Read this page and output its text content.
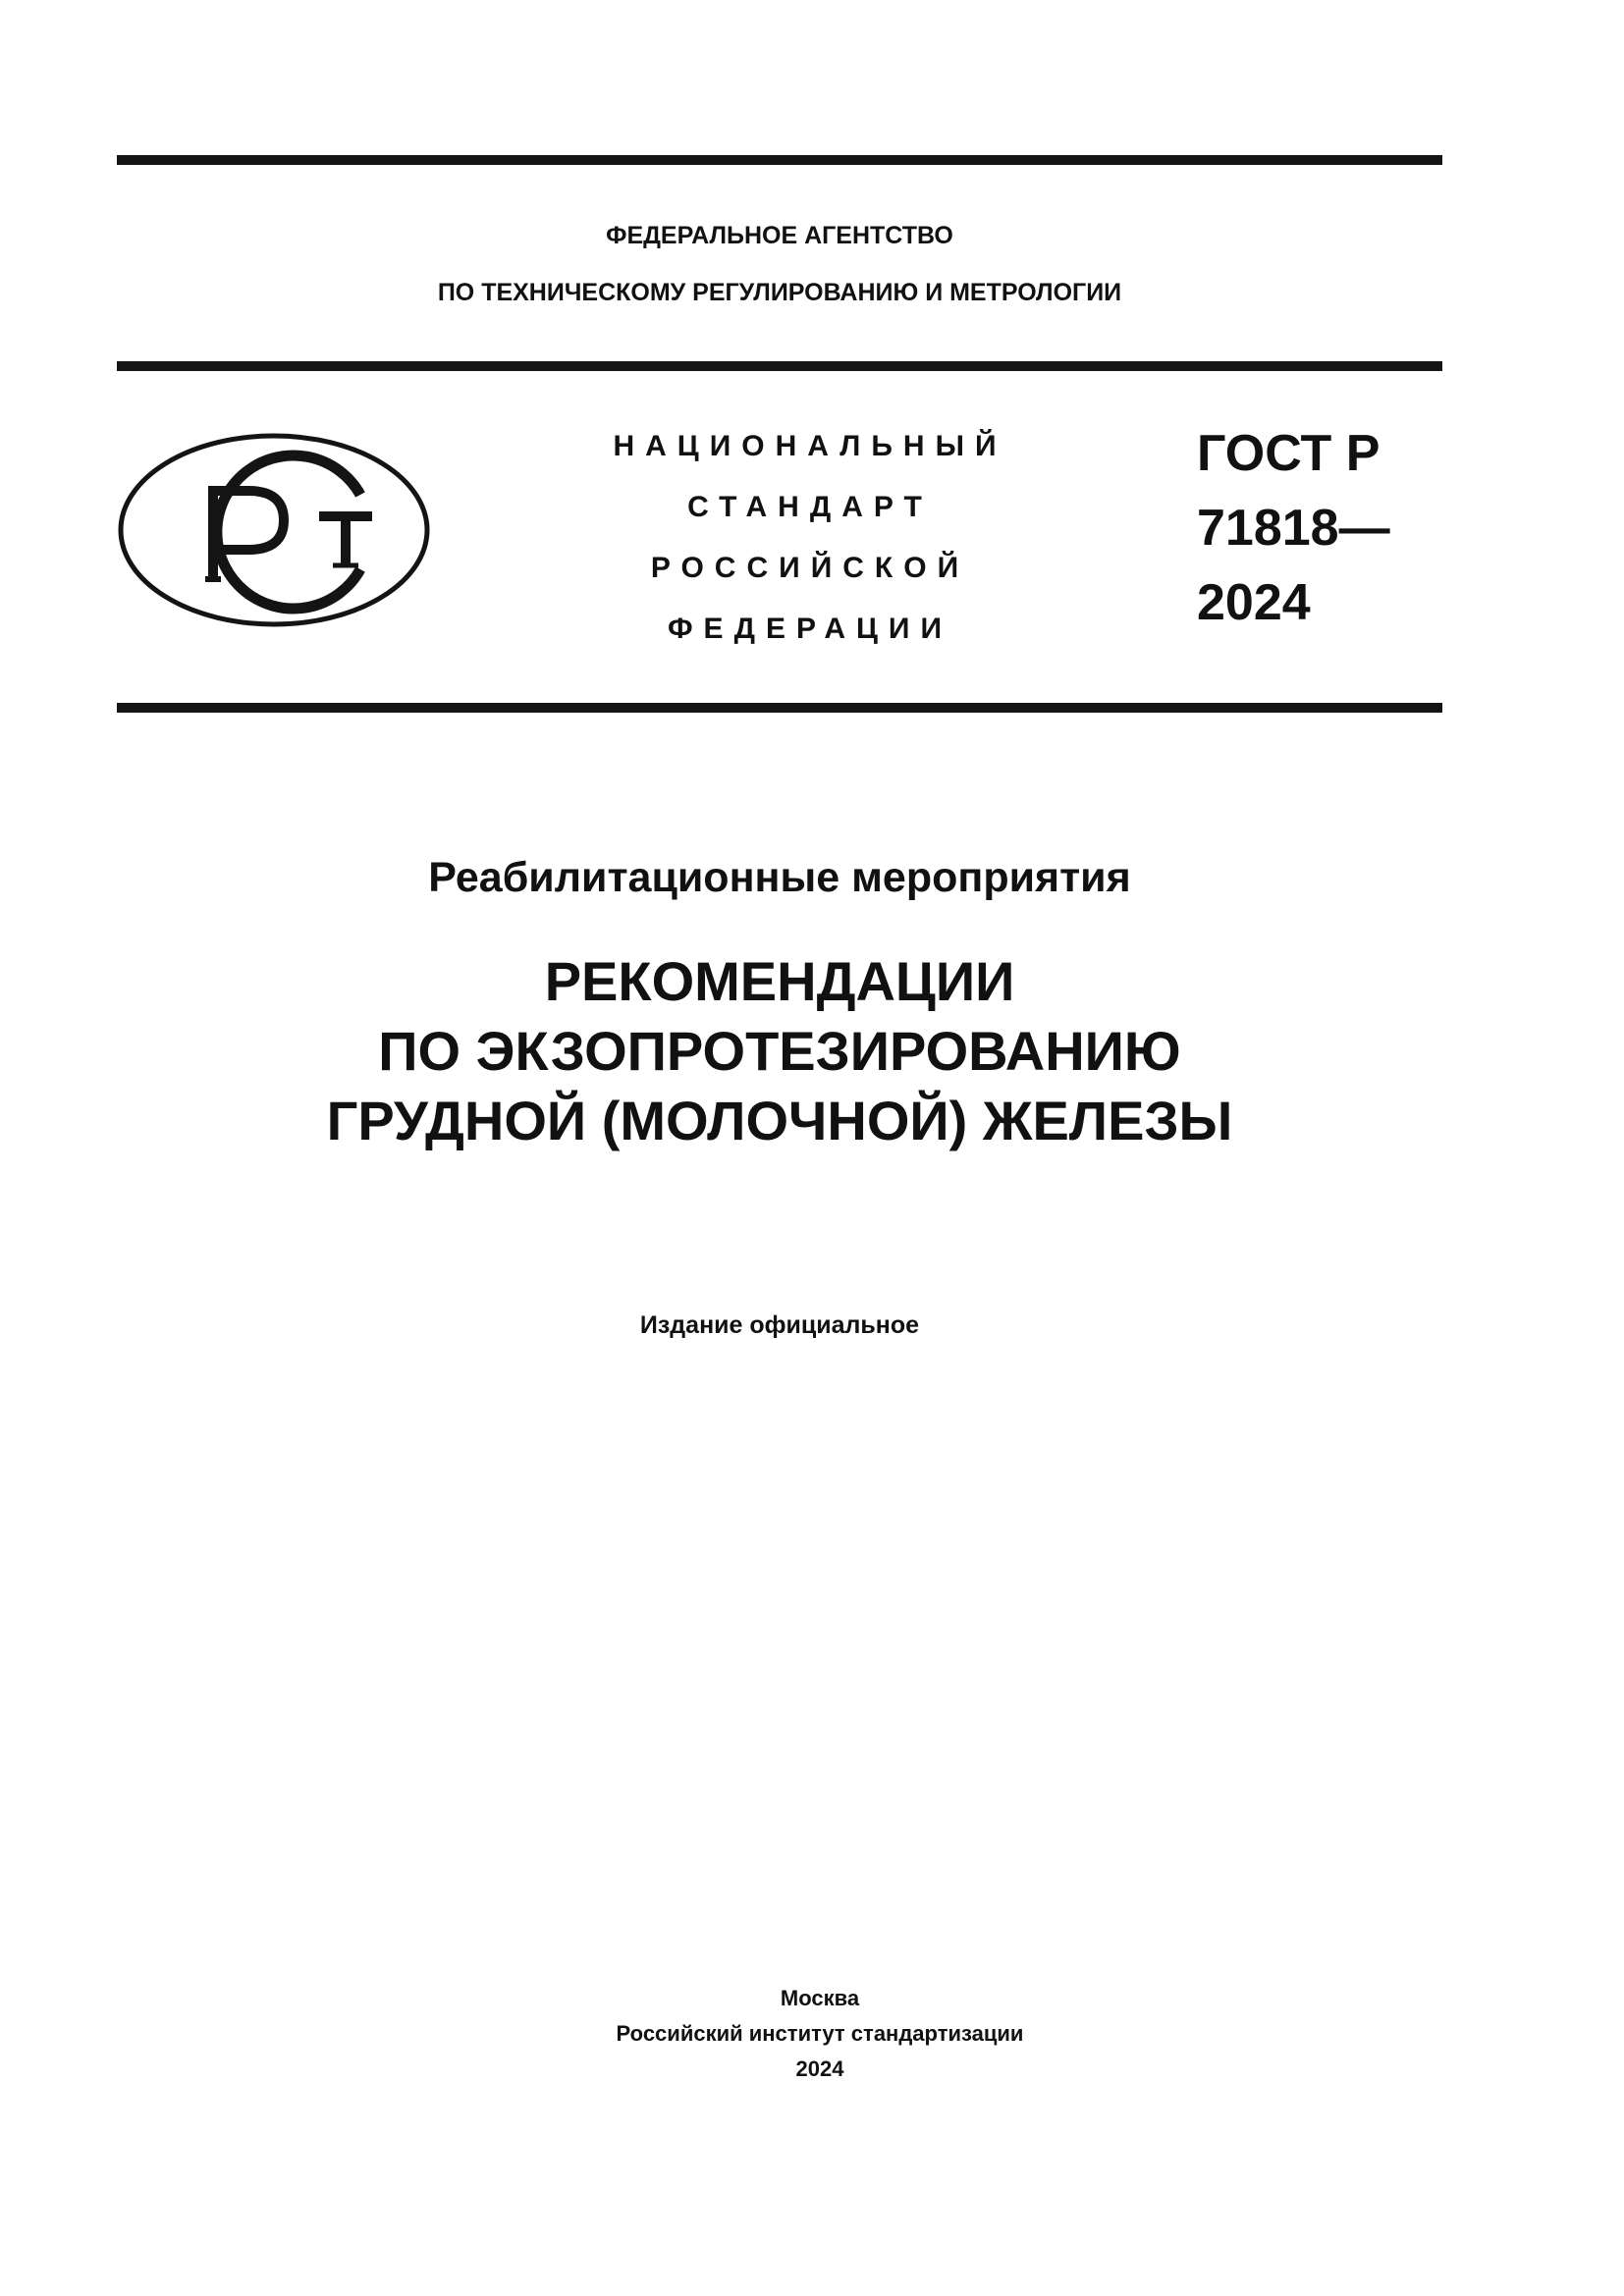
ФЕДЕРАЛЬНОЕ АГЕНТСТВО
ПО ТЕХНИЧЕСКОМУ РЕГУЛИРОВАНИЮ И МЕТРОЛОГИИ
НАЦИОНАЛЬНЫЙ
СТАНДАРТ
РОССИЙСКОЙ
ФЕДЕРАЦИИ
ГОСТ Р
71818—
2024
Реабилитационные мероприятия
РЕКОМЕНДАЦИИ
ПО ЭКЗОПРОТЕЗИРОВАНИЮ
ГРУДНОЙ (МОЛОЧНОЙ) ЖЕЛЕЗЫ
Издание официальное
Москва
Российский институт стандартизации
2024
